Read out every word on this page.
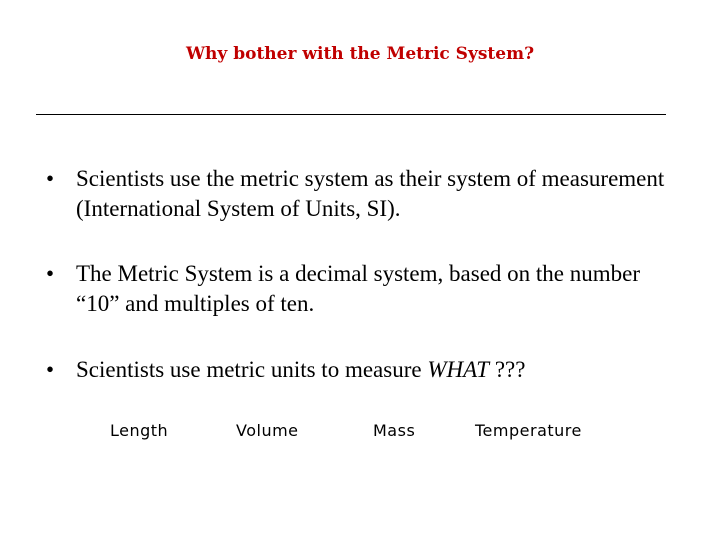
Why bother with the Metric System?
• Scientists use the metric system as their system of measurement (International System of Units, SI).
• The Metric System is a decimal system, based on the number “10” and multiples of ten.
• Scientists use metric units to measure WHAT ???
Length	Volume	Mass	Temperature
